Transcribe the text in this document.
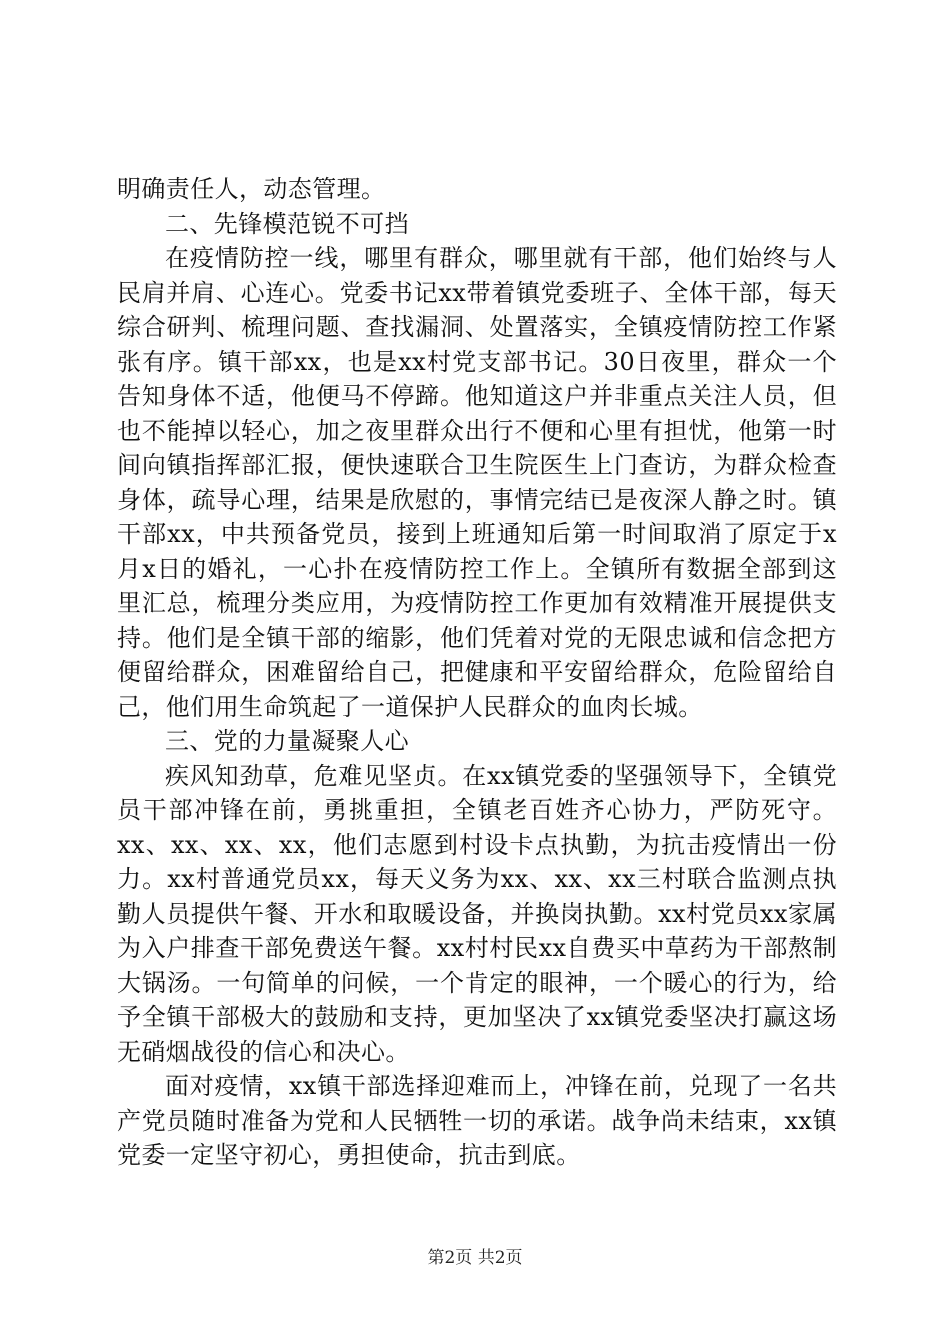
明确责任人，动态管理。

二、先锋模范锐不可挡

在疫情防控一线，哪里有群众，哪里就有干部，他们始终与人民肩并肩、心连心。党委书记xx带着镇党委班子、全体干部，每天综合研判、梳理问题、查找漏洞、处置落实，全镇疫情防控工作紧张有序。镇干部xx，也是xx村党支部书记。30日夜里，群众一个　　告知身体不适，他便马不停蹄。他知道这户并非重点关注人员，但也不能掉以轻心，加之夜里群众出行不便和心里有担忧，他第一时间向镇指挥部汇报，便快速联合卫生院医生上门查访，为群众检查身体，疏导心理，结果是欣慰的，事情完结已是夜深人静之时。镇干部xx，中共预备党员，接到上班通知后第一时间取消了原定于x月x日的婚礼，一心扑在疫情防控工作上。全镇所有数据全部到这里汇总，梳理分类应用，为疫情防控工作更加有效精准开展提供支持。他们是全镇干部的缩影，他们凭着对党的无限忠诚和信念把方便留给群众，困难留给自己，把健康和平安留给群众，危险留给自己，他们用生命筑起了一道保护人民群众的血肉长城。

三、党的力量凝聚人心

疾风知劲草，危难见坚贞。在xx镇党委的坚强领导下，全镇党员干部冲锋在前，勇挑重担，全镇老百姓齐心协力，严防死守。xx、xx、xx、xx，他们志愿到村设卡点执勤，为抗击疫情出一份力。xx村普通党员xx，每天义务为xx、xx、xx三村联合监测点执勤人员提供午餐、开水和取暖设备，并换岗执勤。xx村党员xx家属为入户排查干部免费送午餐。xx村村民xx自费买中草药为干部熬制大锅汤。一句简单的问候，一个肯定的眼神，一个暖心的行为，给予全镇干部极大的鼓励和支持，更加坚决了xx镇党委坚决打赢这场无硝烟战役的信心和决心。

面对疫情，xx镇干部选择迎难而上，冲锋在前，兑现了一名共产党员随时准备为党和人民牺牲一切的承诺。战争尚未结束，xx镇党委一定坚守初心，勇担使命，抗击到底。

第2页 共2页
